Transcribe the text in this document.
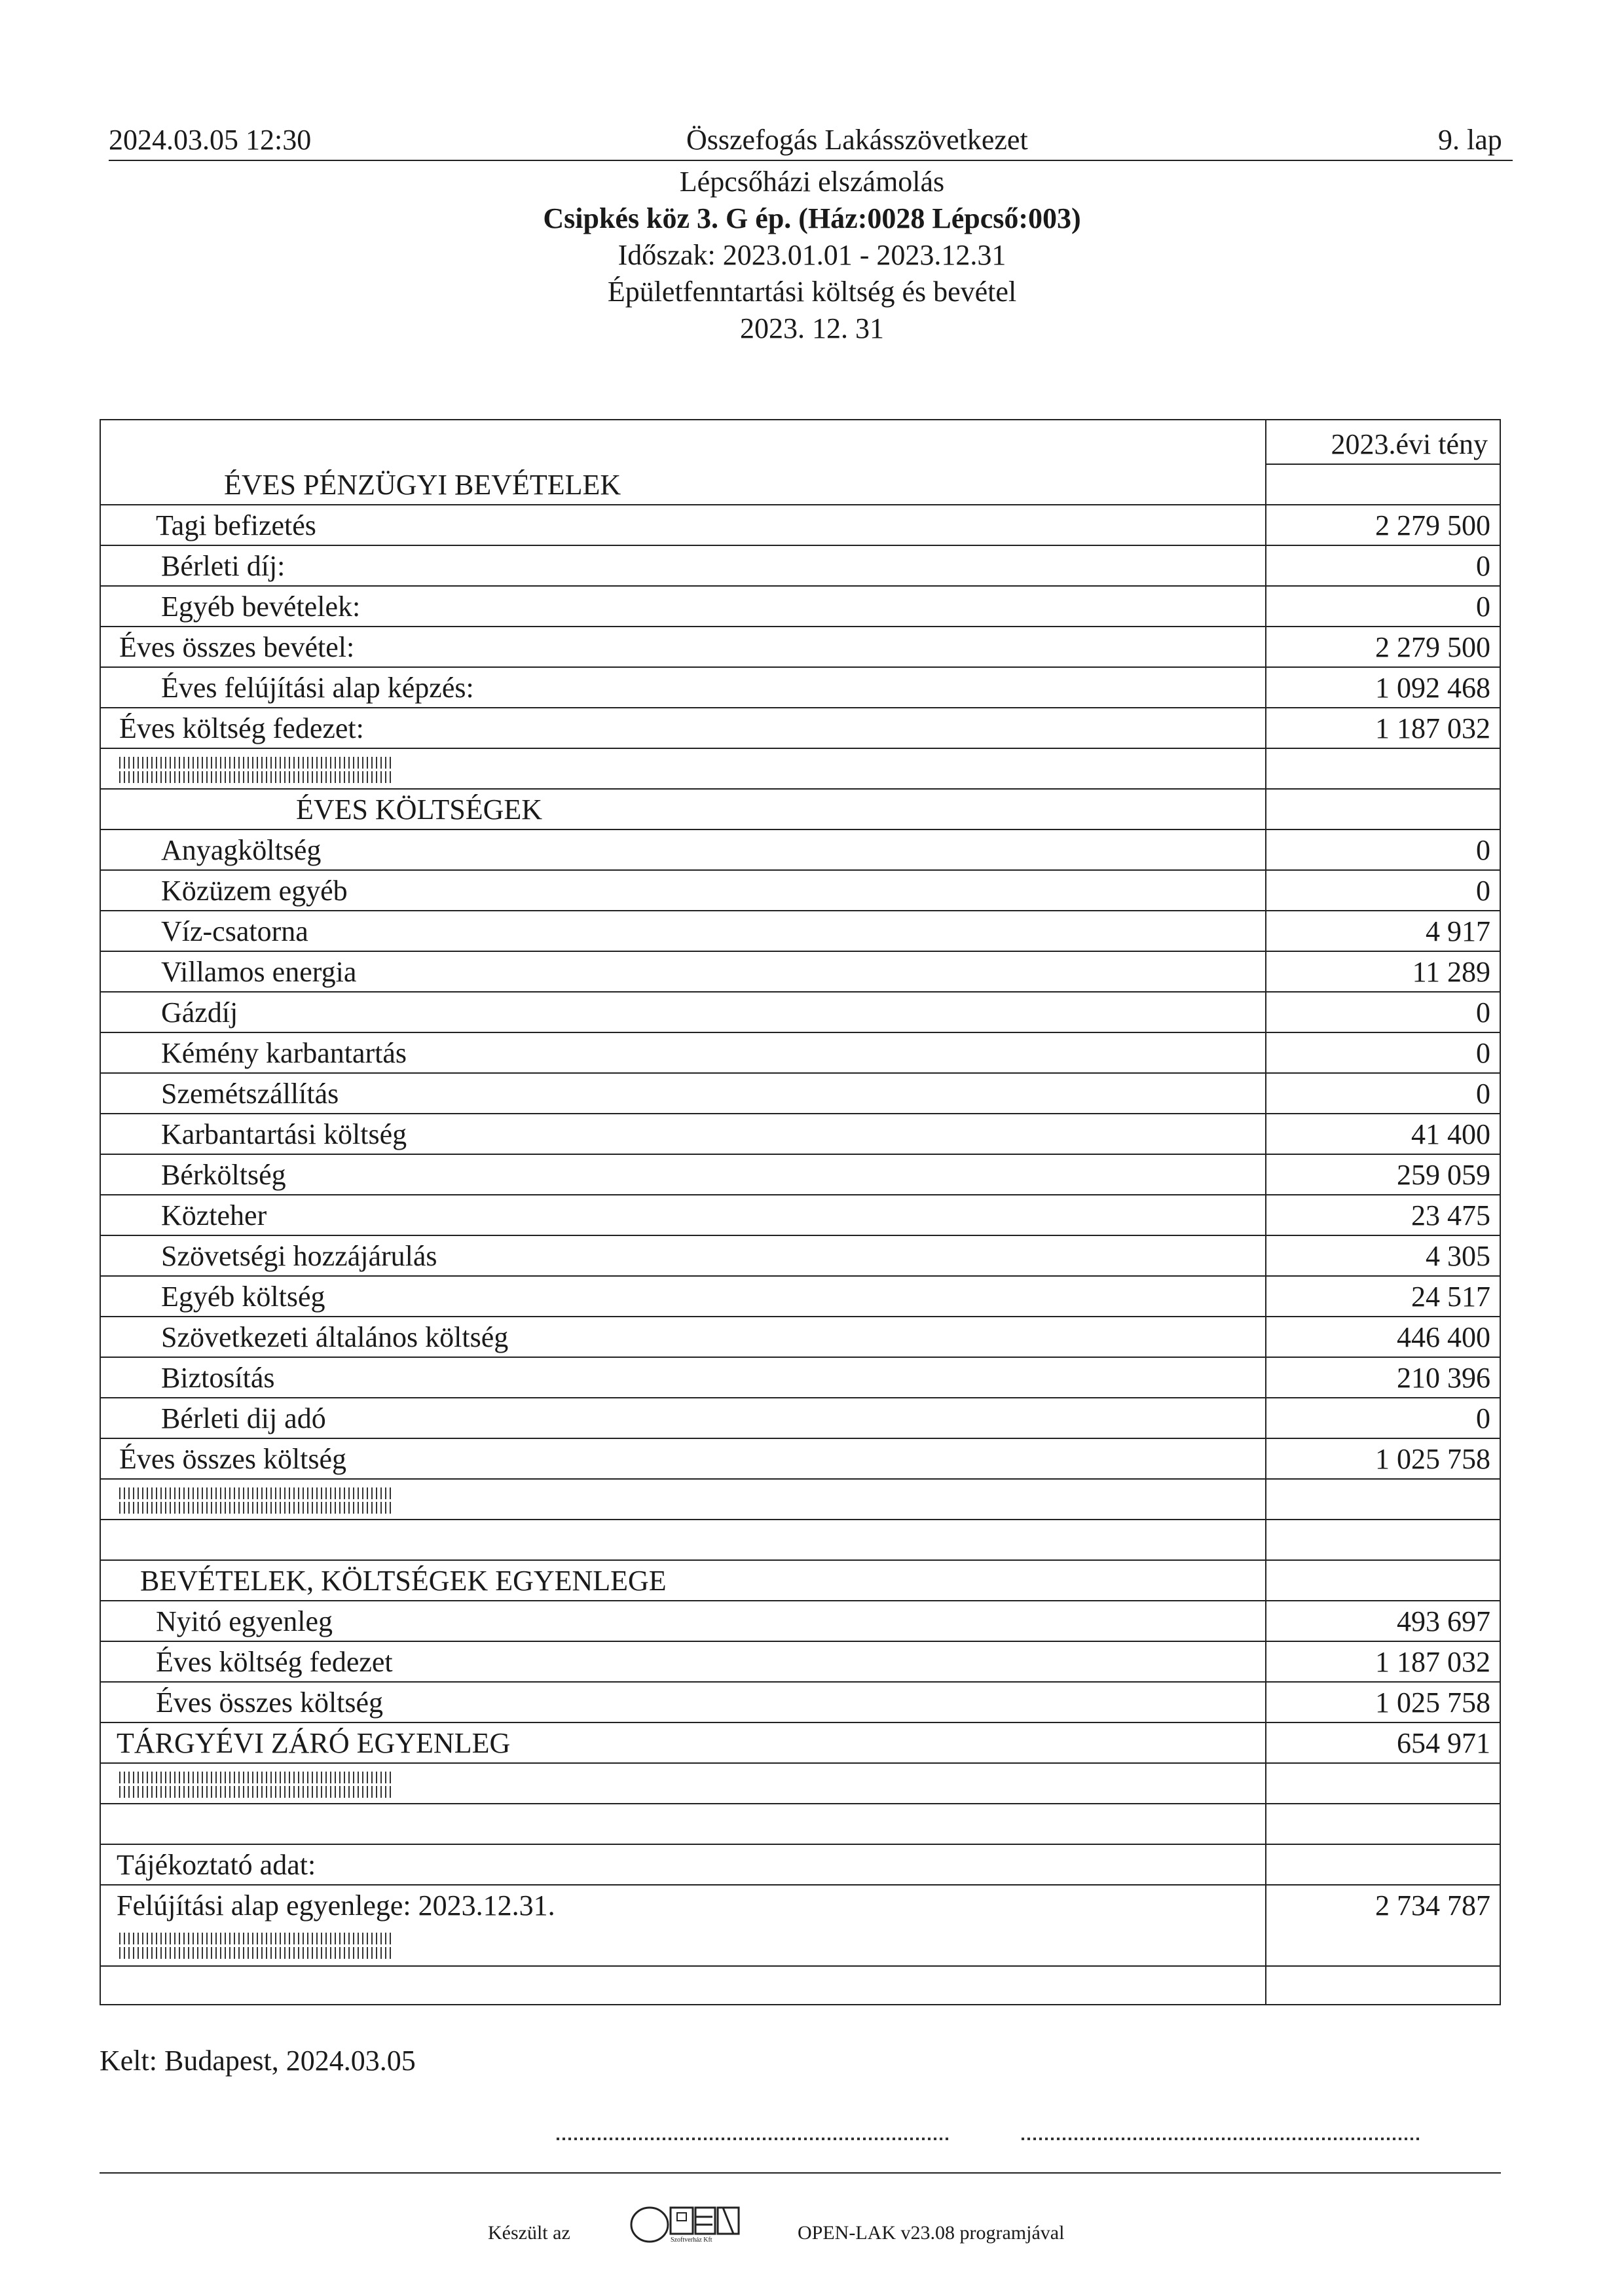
2024.03.05 12:30	Összefogás Lakásszövetkezet	9. lap
Lépcsőházi elszámolás
Csipkés köz 3. G ép. (Ház:0028 Lépcső:003)
Időszak: 2023.01.01 - 2023.12.31
Épületfenntartási költség és bevétel
2023. 12. 31
2023.évi tény
ÉVES PÉNZÜGYI BEVÉTELEK
Tagi befizetés	2 279 500
Bérleti díj:	0
Egyéb bevételek:	0
Éves összes bevétel:	2 279 500
Éves felújítási alap képzés:	1 092 468
Éves költség fedezet:	1 187 032
ÉVES KÖLTSÉGEK
Anyagköltség	0
Közüzem egyéb	0
Víz-csatorna	4 917
Villamos energia	11 289
Gázdíj	0
Kémény karbantartás	0
Szemétszállítás	0
Karbantartási költség	41 400
Bérköltség	259 059
Közteher	23 475
Szövetségi hozzájárulás	4 305
Egyéb költség	24 517
Szövetkezeti általános költség	446 400
Biztosítás	210 396
Bérleti dij adó	0
Éves összes költség	1 025 758
BEVÉTELEK, KÖLTSÉGEK EGYENLEGE
Nyitó egyenleg	493 697
Éves költség fedezet	1 187 032
Éves összes költség	1 025 758
TÁRGYÉVI ZÁRÓ EGYENLEG	654 971
Tájékoztató adat:
Felújítási alap egyenlege: 2023.12.31.	2 734 787
Kelt: Budapest, 2024.03.05
Készült az	Szoftverház Kft	OPEN-LAK v23.08 programjával
